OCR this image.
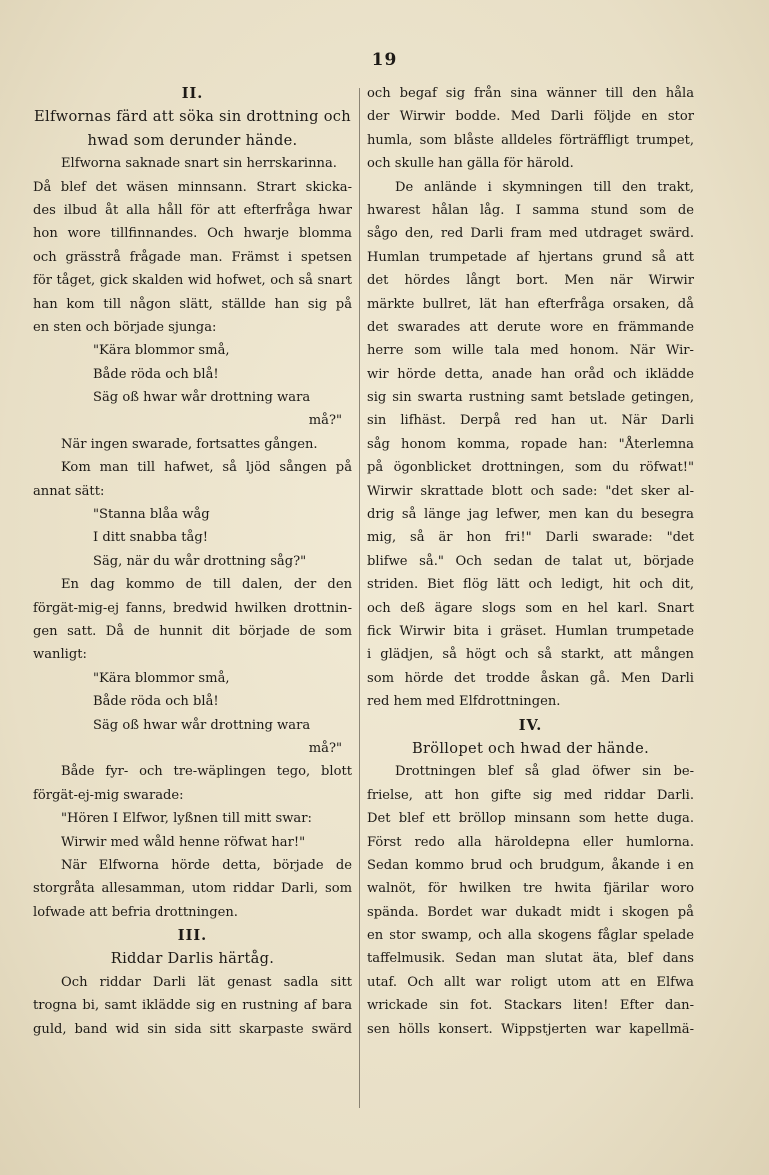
19
II.
Elfwornas färd att söka sin drottning och
hwad som derunder hände.
Elfworna saknade snart sin herrskarinna.
Då blef det wäsen minnsann. Strart skicka-
des ilbud åt alla håll för att efterfråga hwar
hon wore tillfinnandes. Och hwarje blomma
och grässtrå frågade man. Främst i spetsen
för tåget, gick skalden wid hofwet, och så snart
han kom till någon slätt, ställde han sig på
en sten och började sjunga:
"Kära blommor små,
Både röda och blå!
Säg oß hwar wår drottning wara
må?"
När ingen swarade, fortsattes gången.
Kom man till hafwet, så ljöd sången på
annat sätt:
"Stanna blåa wåg
I ditt snabba tåg!
Säg, när du wår drottning såg?"
En dag kommo de till dalen, der den
förgät-mig-ej fanns, bredwid hwilken drottnin-
gen satt. Då de hunnit dit började de som
wanligt:
"Kära blommor små,
Både röda och blå!
Säg oß hwar wår drottning wara
må?"
Både fyr- och tre-wäplingen tego, blott
förgät-ej-mig swarade:
"Hören I Elfwor, lyßnen till mitt swar:
Wirwir med wåld henne röfwat har!"
När Elfworna hörde detta, började de
storgråta allesamman, utom riddar Darli, som
lofwade att befria drottningen.
III.
Riddar Darlis härtåg.
Och riddar Darli lät genast sadla sitt
trogna bi, samt ikläddе sig en rustning af bara
guld, band wid sin sida sitt skarpaste swärd
och begaf sig från sina wänner till den håla
der Wirwir bodde. Med Darli följde en stor
humla, som blåste alldeles förträffligt trumpet,
och skulle han gälla för härold.
De anlände i skymningen till den trakt,
hwarest hålan låg. I samma stund som de
sågo den, red Darli fram med utdraget swärd.
Humlan trumpetade af hjertans grund så att
det hördes långt bort. Men när Wirwir
märkte bullret, lät han efterfråga orsaken, då
det swarades att derute wore en främmande
herre som wille tala med honom. När Wir-
wir hörde detta, anade han oråd och ikläddе
sig sin swarta rustning samt betslade getingen,
sin lifhäst. Derpå red han ut. När Darli
såg honom komma, ropade han: "Återlemna
på ögonblicket drottningen, som du röfwat!"
Wirwir skrattade blott och sade: "det sker al-
drig så länge jag lefwer, men kan du besegra
mig, så är hon fri!" Darli swarade: "det
blifwe så." Och sedan de talat ut, började
striden. Biet flög lätt och ledigt, hit och dit,
och deß ägare slogs som en hel karl. Snart
fick Wirwir bita i gräset. Humlan trumpetade
i glädjen, så högt och så starkt, att mången
som hörde det trodde åskan gå. Men Darli
red hem med Elfdrottningen.
IV.
Bröllopet och hwad der hände.
Drottningen blef så glad öfwer sin be-
frielse, att hon gifte sig med riddar Darli.
Det blef ett bröllop minsann som hette duga.
Först redo alla häroldерna eller humlorna.
Sedan kommo brud och brudgum, åkande i en
walnöt, för hwilken tre hwita fjärilar woro
spända. Bordet war dukadt midt i skogen på
en stor swamp, och alla skogens fåglar spelade
taffelmusik. Sedan man slutat äta, blef dans
utaf. Och allt war roligt utom att en Elfwa
wrickade sin fot. Stackars liten! Efter dan-
sen hölls konsert. Wippstjerten war kapellmä-
